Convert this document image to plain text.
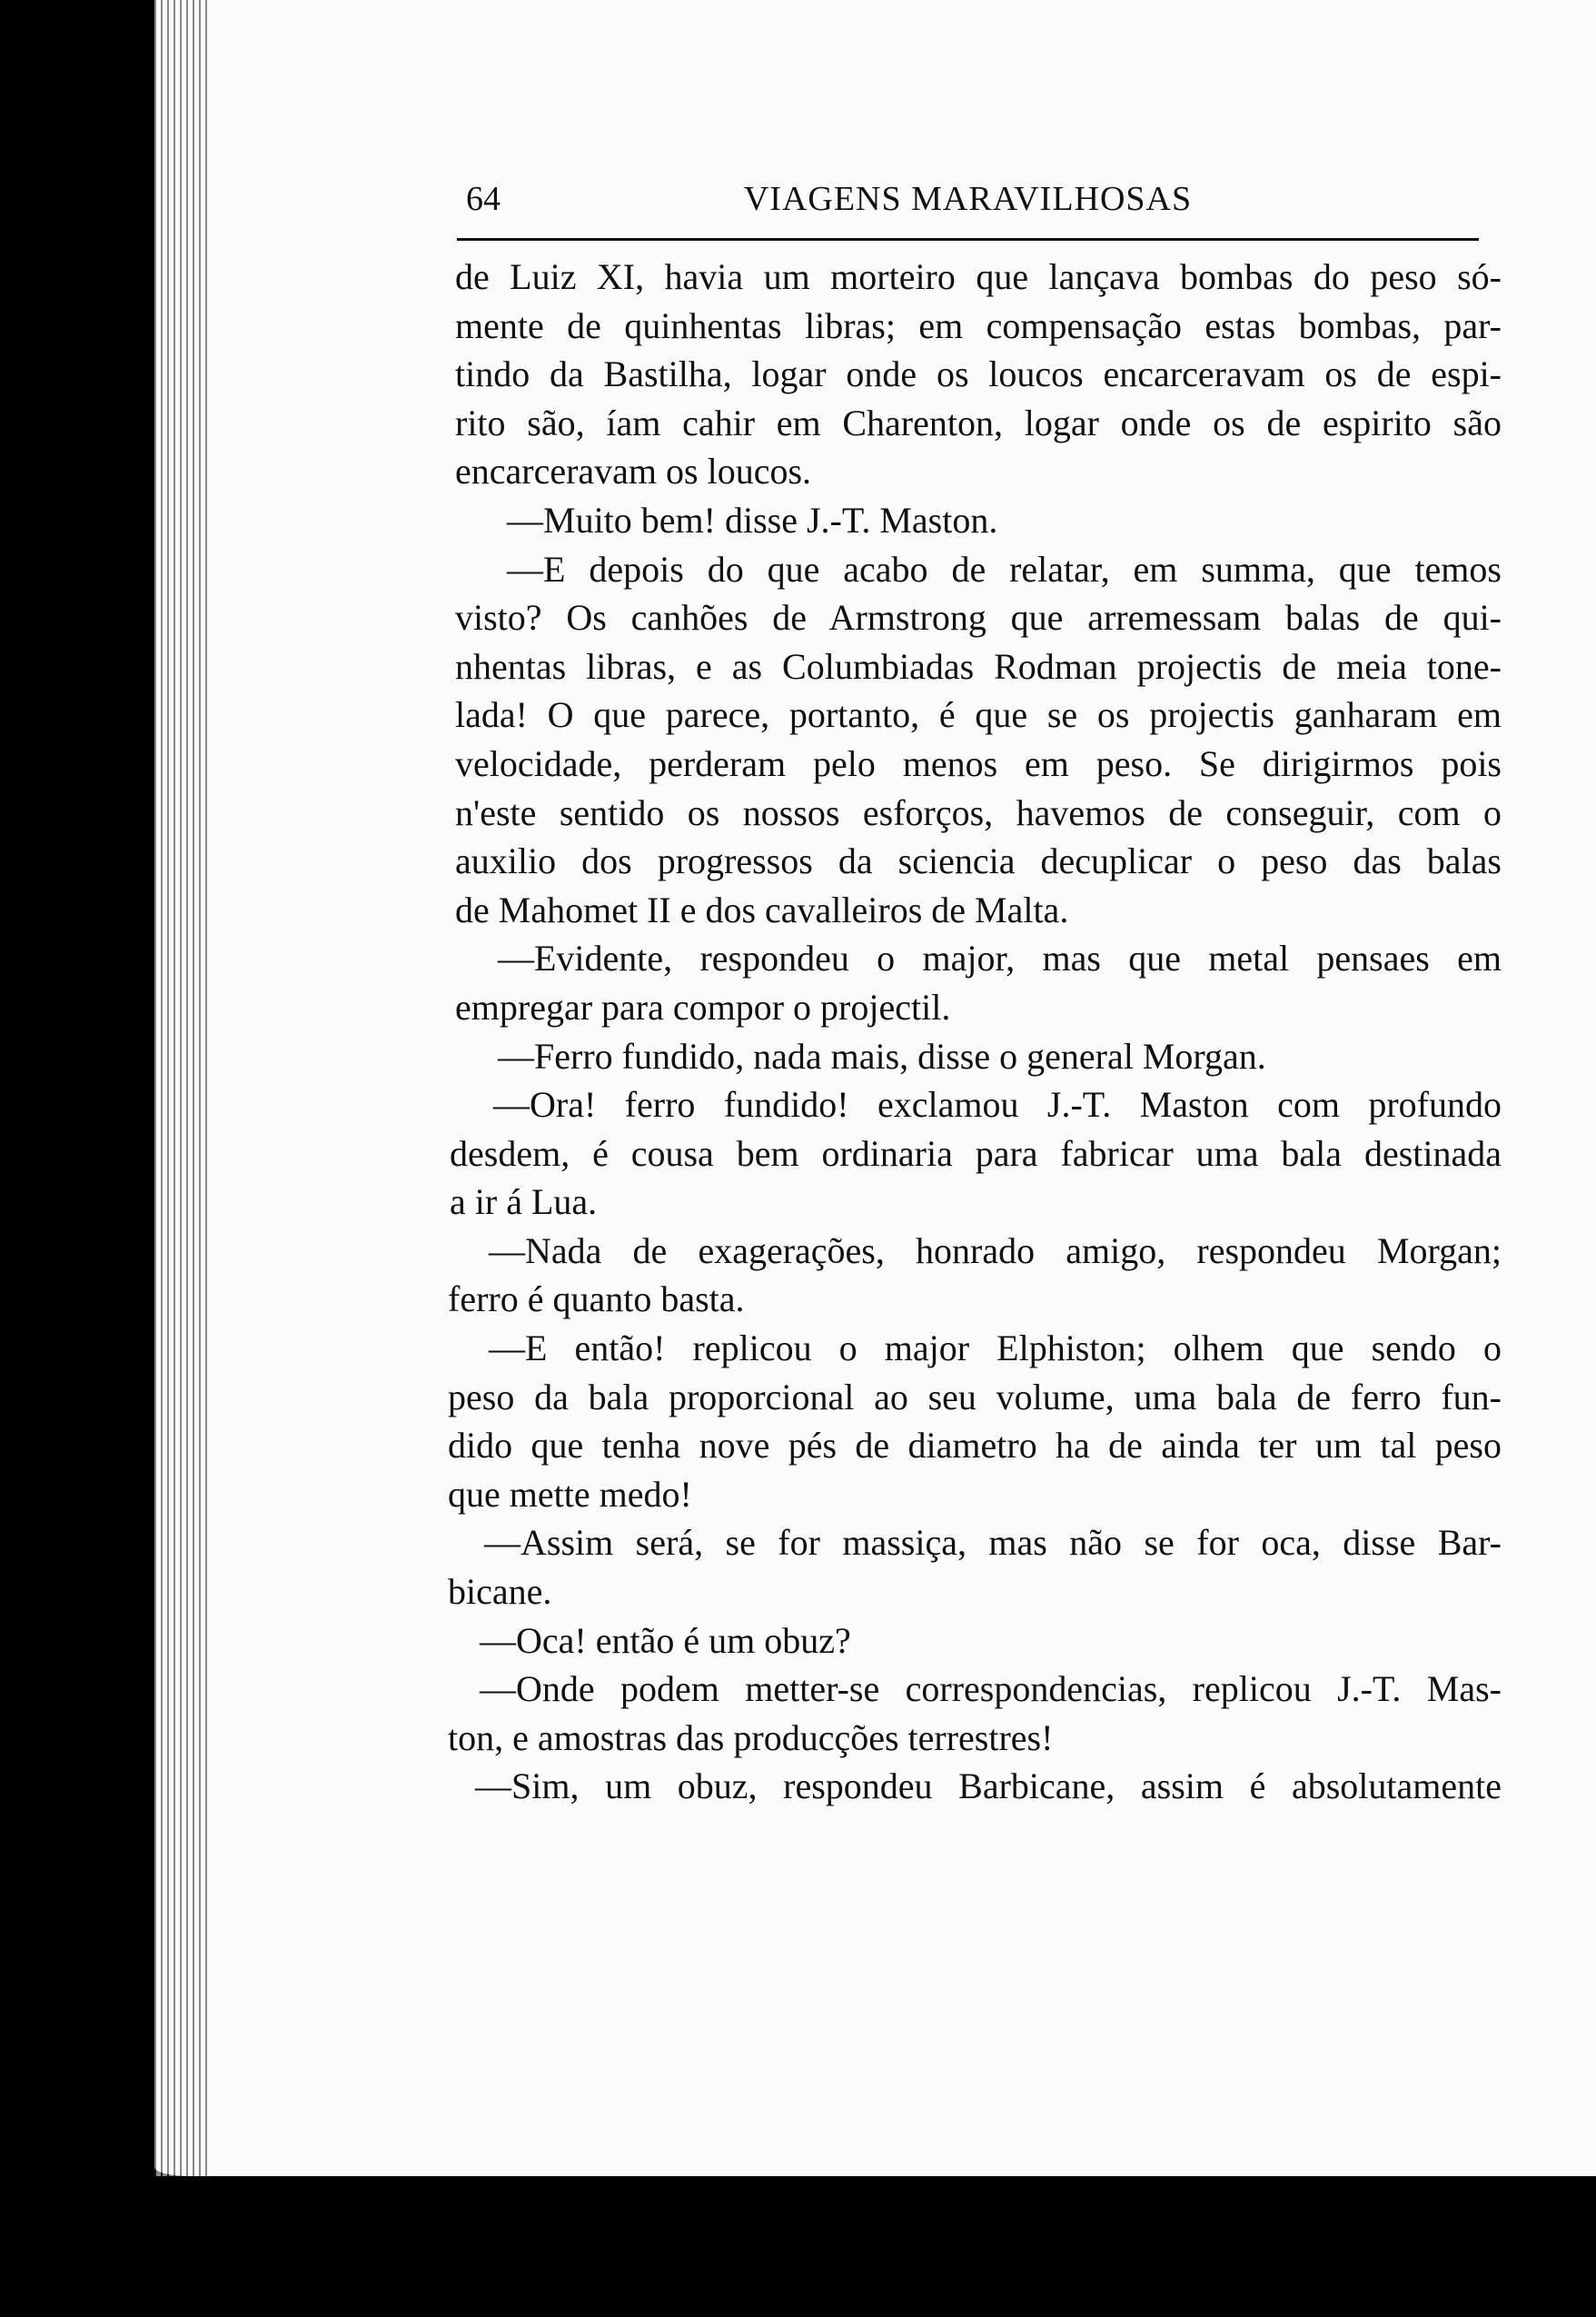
64	VIAGENS MARAVILHOSAS
de Luiz XI, havia um morteiro que lançava bombas do peso só-
mente de quinhentas libras; em compensação estas bombas, par-
tindo da Bastilha, logar onde os loucos encarceravam os de espi-
rito são, íam cahir em Charenton, logar onde os de espirito são
encarceravam os loucos.
—Muito bem! disse J.-T. Maston.
—E depois do que acabo de relatar, em summa, que temos
visto? Os canhões de Armstrong que arremessam balas de qui-
nhentas libras, e as Columbiadas Rodman projectis de meia tone-
lada! O que parece, portanto, é que se os projectis ganharam em
velocidade, perderam pelo menos em peso. Se dirigirmos pois
n'este sentido os nossos esforços, havemos de conseguir, com o
auxilio dos progressos da sciencia decuplicar o peso das balas
de Mahomet II e dos cavalleiros de Malta.
—Evidente, respondeu o major, mas que metal pensaes em
empregar para compor o projectil.
—Ferro fundido, nada mais, disse o general Morgan.
—Ora! ferro fundido! exclamou J.-T. Maston com profundo
desdem, é cousa bem ordinaria para fabricar uma bala destinada
a ir á Lua.
—Nada de exagerações, honrado amigo, respondeu Morgan;
ferro é quanto basta.
—E então! replicou o major Elphiston; olhem que sendo o
peso da bala proporcional ao seu volume, uma bala de ferro fun-
dido que tenha nove pés de diametro ha de ainda ter um tal peso
que mette medo!
—Assim será, se for massiça, mas não se for oca, disse Bar-
bicane.
—Oca! então é um obuz?
—Onde podem metter-se correspondencias, replicou J.-T. Mas-
ton, e amostras das producções terrestres!
—Sim, um obuz, respondeu Barbicane, assim é absolutamente
